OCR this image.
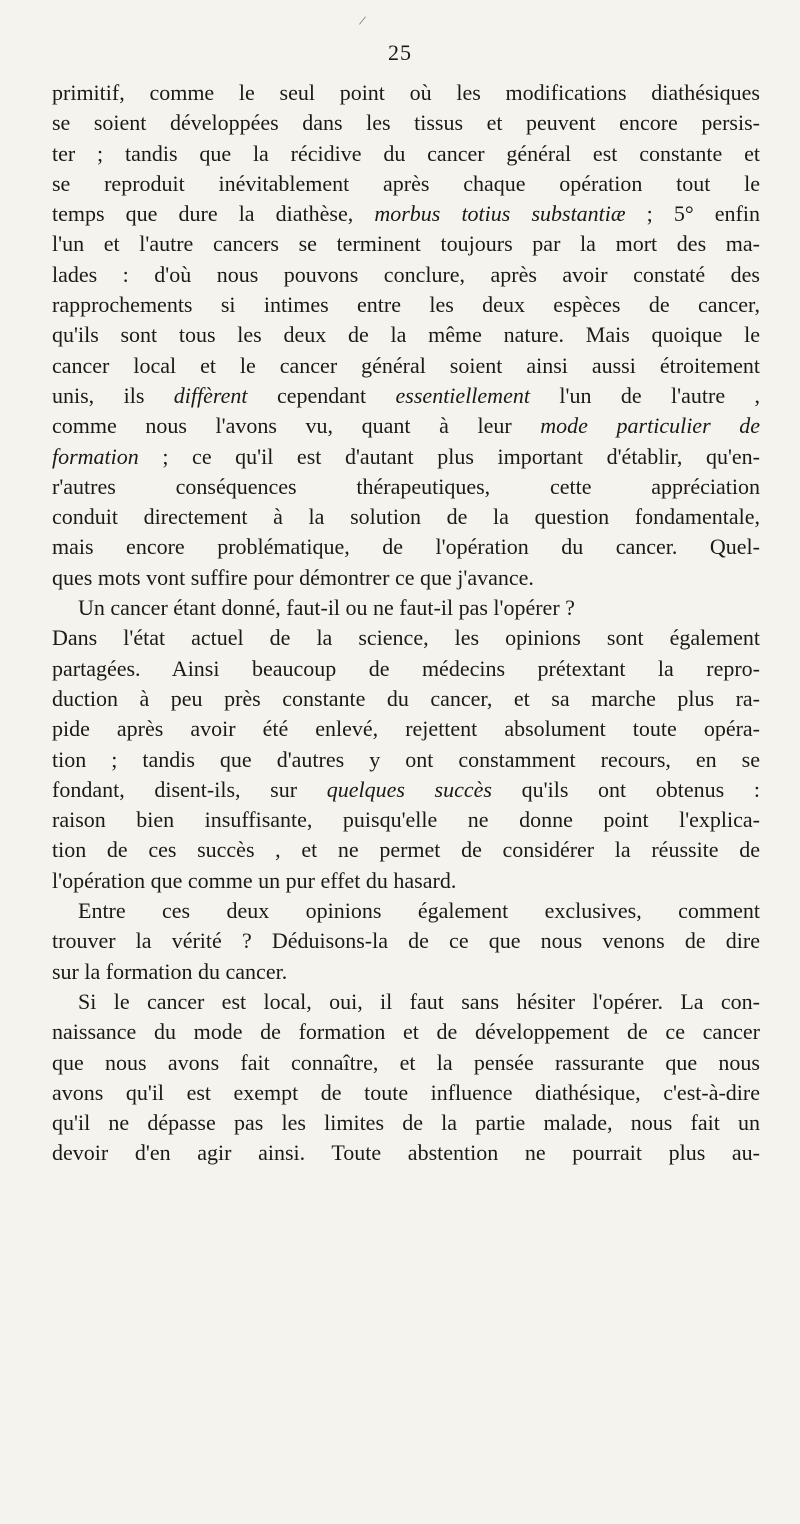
/
25
primitif, comme le seul point où les modifications diathésiques
se soient développées dans les tissus et peuvent encore persis-
ter ; tandis que la récidive du cancer général est constante et
se reproduit inévitablement après chaque opération tout le
temps que dure la diathèse, morbus totius substantiæ ; 5° enfin
l'un et l'autre cancers se terminent toujours par la mort des ma-
lades : d'où nous pouvons conclure, après avoir constaté des
rapprochements si intimes entre les deux espèces de cancer,
qu'ils sont tous les deux de la même nature. Mais quoique le
cancer local et le cancer général soient ainsi aussi étroitement
unis, ils diffèrent cependant essentiellement l'un de l'autre ,
comme nous l'avons vu, quant à leur mode particulier de
formation ; ce qu'il est d'autant plus important d'établir, qu'en-
r'autres conséquences thérapeutiques, cette appréciation
conduit directement à la solution de la question fondamentale,
mais encore problématique, de l'opération du cancer. Quel-
ques mots vont suffire pour démontrer ce que j'avance.
Un cancer étant donné, faut-il ou ne faut-il pas l'opérer ?
Dans l'état actuel de la science, les opinions sont également
partagées. Ainsi beaucoup de médecins prétextant la repro-
duction à peu près constante du cancer, et sa marche plus ra-
pide après avoir été enlevé, rejettent absolument toute opéra-
tion ; tandis que d'autres y ont constamment recours, en se
fondant, disent-ils, sur quelques succès qu'ils ont obtenus :
raison bien insuffisante, puisqu'elle ne donne point l'explica-
tion de ces succès , et ne permet de considérer la réussite de
l'opération que comme un pur effet du hasard.
Entre ces deux opinions également exclusives, comment
trouver la vérité ? Déduisons-la de ce que nous venons de dire
sur la formation du cancer.
Si le cancer est local, oui, il faut sans hésiter l'opérer. La con-
naissance du mode de formation et de développement de ce cancer
que nous avons fait connaître, et la pensée rassurante que nous
avons qu'il est exempt de toute influence diathésique, c'est-à-dire
qu'il ne dépasse pas les limites de la partie malade, nous fait un
devoir d'en agir ainsi. Toute abstention ne pourrait plus au-
